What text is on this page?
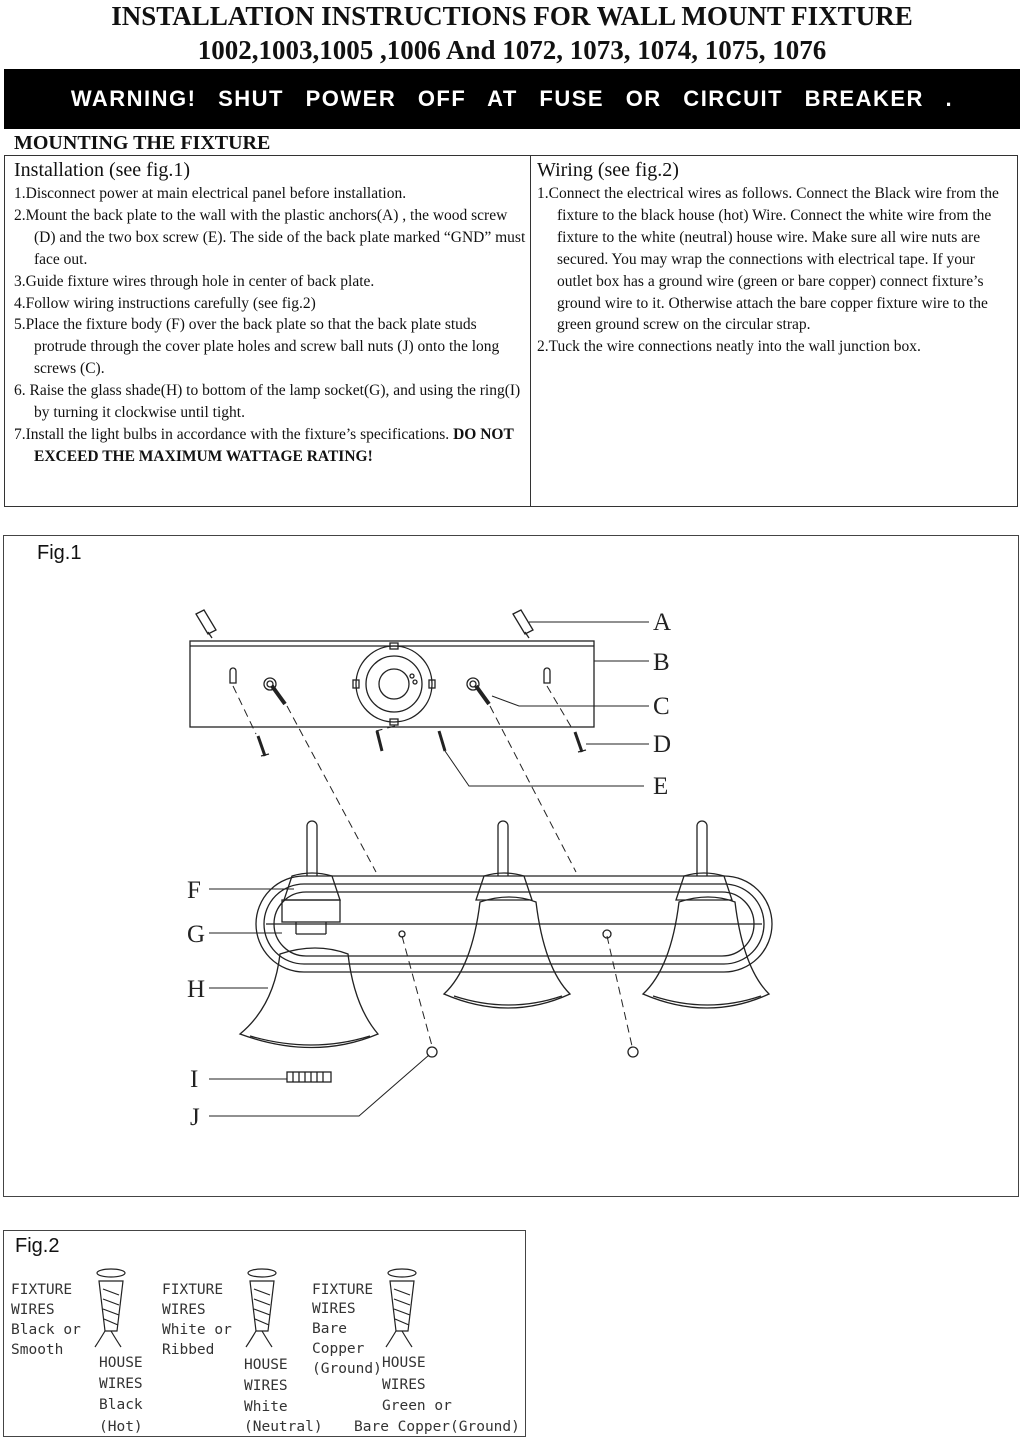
INSTALLATION INSTRUCTIONS FOR WALL MOUNT FIXTURE
1002,1003,1005 ,1006 And 1072, 1073, 1074, 1075, 1076
WARNING! SHUT POWER OFF AT FUSE OR CIRCUIT BREAKER .
MOUNTING THE FIXTURE
Installation (see fig.1)

1.Disconnect power at main electrical panel before installation.

2.Mount the back plate to the wall with the plastic anchors(A) , the wood screw (D) and the two box screw (E). The side of the back plate marked “GND” must face out.

3.Guide fixture wires through hole in center of back plate.

4.Follow wiring instructions carefully (see fig.2)

5.Place the fixture body (F) over the back plate so that the back plate studs protrude through the cover plate holes and screw ball nuts (J) onto the long screws (C).

6. Raise the glass shade(H) to bottom of the lamp socket(G), and using the ring(I) by turning it clockwise until tight.

7.Install the light bulbs in accordance with the fixture’s specifications. DO NOT EXCEED THE MAXIMUM WATTAGE RATING!

Wiring (see fig.2)

1.Connect the electrical wires as follows. Connect the Black wire from the fixture to the black house (hot) Wire. Connect the white wire from the fixture to the white (neutral) house wire. Make sure all wire nuts are secured. You may wrap the connections with electrical tape. If your outlet box has a ground wire (green or bare copper) connect fixture’s ground wire to it. Otherwise attach the bare copper fixture wire to the green ground screw on the circular strap.

2.Tuck the wire connections neatly into the wall junction box.

Fig.1
A
B
C
D
E
F
G
H
I
J
Fig.2
FIXTURE
WIRES
Black or
Smooth
HOUSE
WIRES
Black
(Hot)
FIXTURE
WIRES
White or
Ribbed
HOUSE
WIRES
White
(Neutral)
FIXTURE
WIRES
Bare
Copper
(Ground) HOUSE
WIRES
Green or
Bare Copper(Ground)
